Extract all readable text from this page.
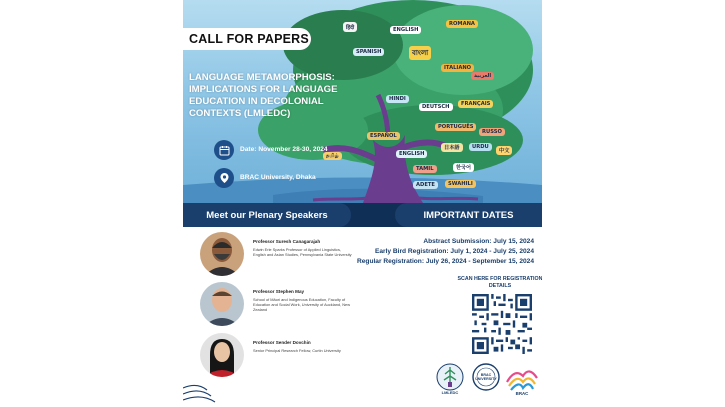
हिंदी	ENGLISH
বাংলা
ROMANA
ITALIANO
العربية
SPANISH
HINDI
DEUTSCH	FRANÇAIS
PORTUGUÊS
ESPAÑOL
ENGLISH
RUSSO
URDU
日本語	中文
TAMIL	한국어
SWAHILI
ADETE
தமிழ்
CALL FOR PAPERS
LANGUAGE METAMORPHOSIS: IMPLICATIONS FOR LANGUAGE EDUCATION IN DECOLONIAL CONTEXTS (LMLEDC)
Date: November 28-30, 2024
BRAC University, Dhaka
Meet our Plenary Speakers	IMPORTANT DATES
Professor Suresh Canagarajah
Edwin Erle Sparks Professor of Applied Linguistics, English and Asian Studies, Pennsylvania State University
Professor Stephen May
School of Māori and Indigenous Education, Faculty of Education and Social Work, University of Auckland, New Zealand
Professor Sender Dovchin
Senior Principal Research Fellow, Curtin University
Abstract Submission: July 15, 2024
Early Bird Registration: July 1, 2024 - July 25, 2024
Regular Registration: July 26, 2024 - September 15, 2024
SCAN HERE FOR REGISTRATION DETAILS
LMLEDC
BRAC UNIVERSITY
BRAC
